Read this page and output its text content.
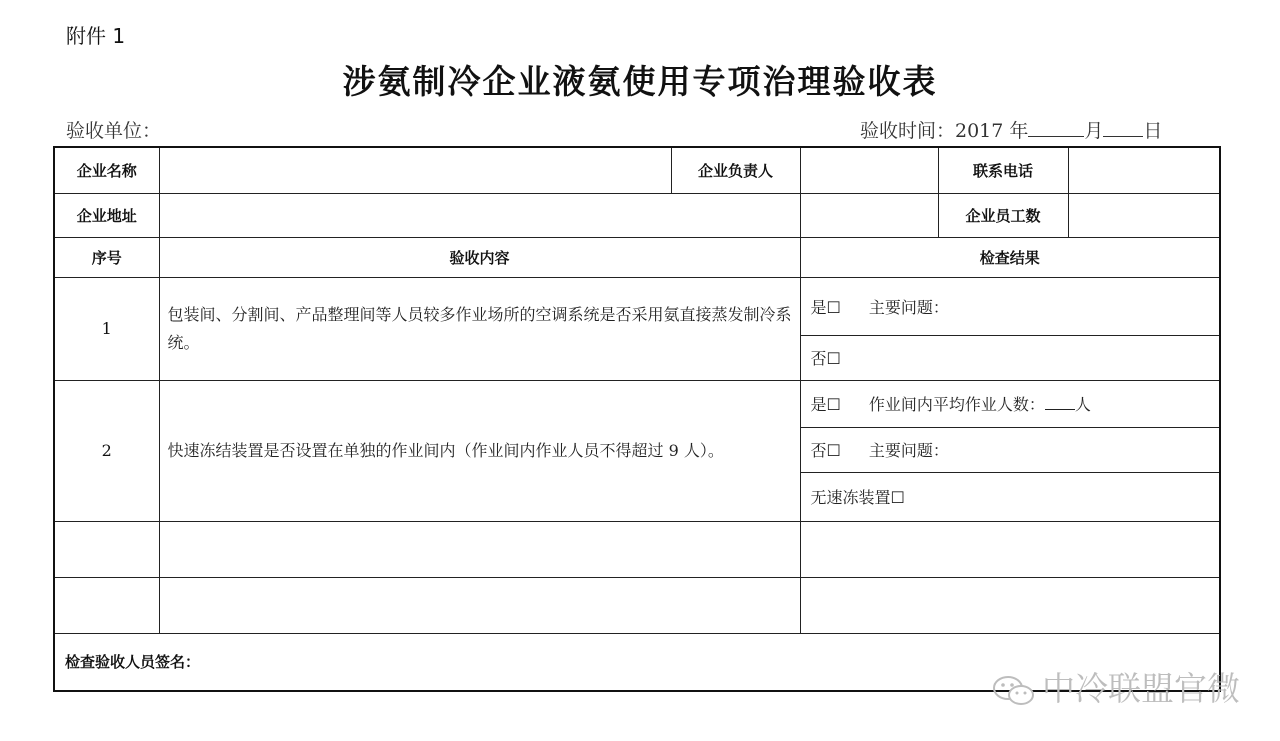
附件 1
涉氨制冷企业液氨使用专项治理验收表
验收单位：	验收时间：2017 年	月 日
企业名称		企业负责人		联系电话	
企业地址				企业员工数	
序号	验收内容		检查结果		
1	包装间、分割间、产品整理间等人员较多作业场所的空调系统是否采用氨直接蒸发制冷系统。		是☐ 主要问题：		
			否☐		
2	快速冻结装置是否设置在单独的作业间内（作业间内作业人员不得超过 9 人）。		是☐ 作业间内平均作业人数： 人		
			否☐ 主要问题：		
			无速冻装置☐		

检查验收人员签名：					
中冷联盟官微
